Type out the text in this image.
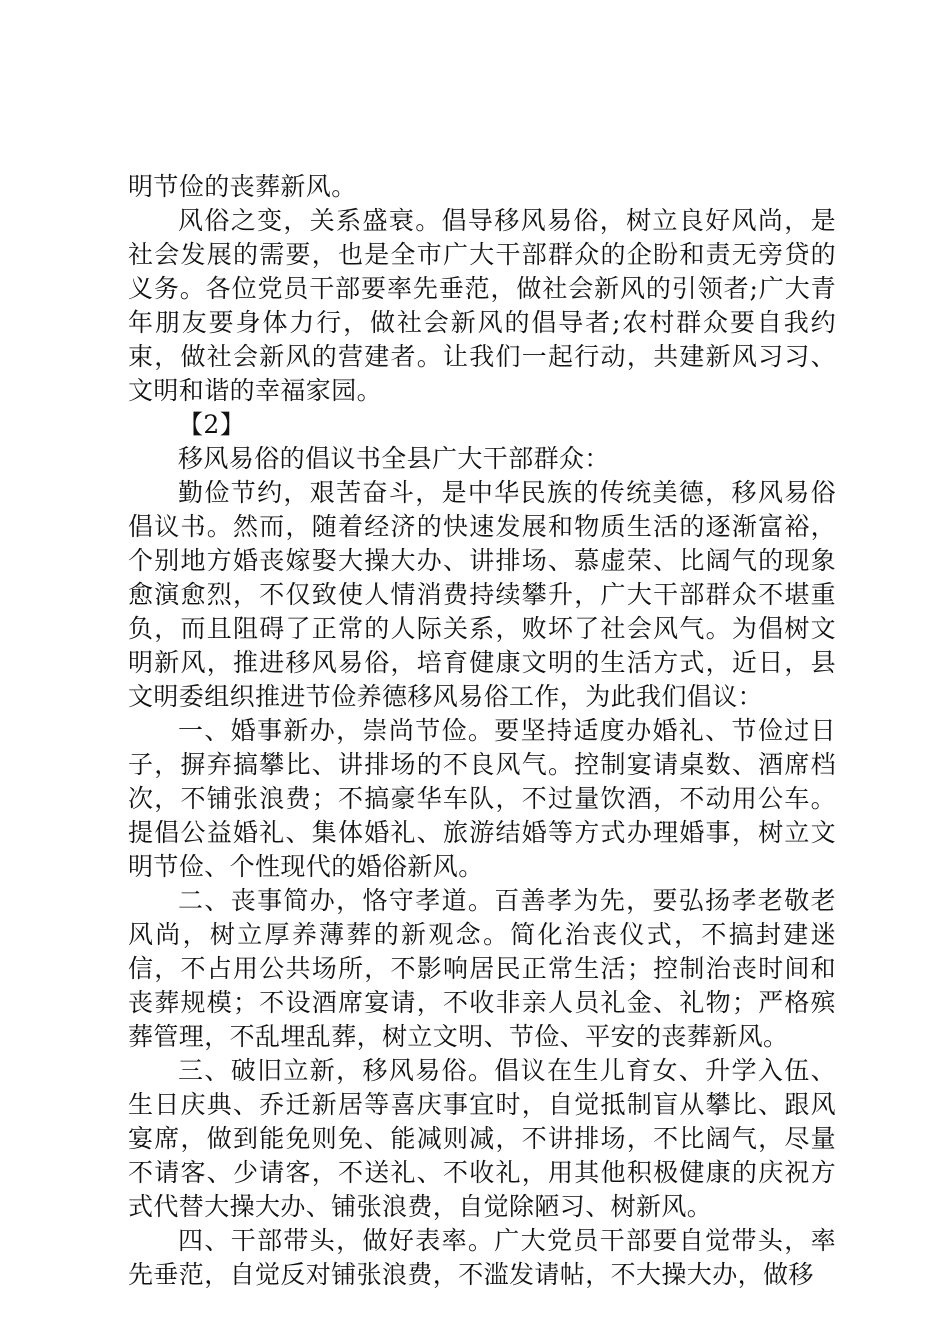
明节俭的丧葬新风。

风俗之变，关系盛衰。倡导移风易俗，树立良好风尚，是社会发展的需要，也是全市广大干部群众的企盼和责无旁贷的义务。各位党员干部要率先垂范，做社会新风的引领者;广大青年朋友要身体力行，做社会新风的倡导者;农村群众要自我约束，做社会新风的营建者。让我们一起行动，共建新风习习、文明和谐的幸福家园。

【2】

移风易俗的倡议书全县广大干部群众：

勤俭节约，艰苦奋斗，是中华民族的传统美德，移风易俗倡议书。然而，随着经济的快速发展和物质生活的逐渐富裕，个别地方婚丧嫁娶大操大办、讲排场、慕虚荣、比阔气的现象愈演愈烈，不仅致使人情消费持续攀升，广大干部群众不堪重负，而且阻碍了正常的人际关系，败坏了社会风气。为倡树文明新风，推进移风易俗，培育健康文明的生活方式，近日，县文明委组织推进节俭养德移风易俗工作，为此我们倡议：

一、婚事新办，崇尚节俭。要坚持适度办婚礼、节俭过日子，摒弃搞攀比、讲排场的不良风气。控制宴请桌数、酒席档次，不铺张浪费；不搞豪华车队，不过量饮酒，不动用公车。提倡公益婚礼、集体婚礼、旅游结婚等方式办理婚事，树立文明节俭、个性现代的婚俗新风。

二、丧事简办，恪守孝道。百善孝为先，要弘扬孝老敬老风尚，树立厚养薄葬的新观念。简化治丧仪式，不搞封建迷信，不占用公共场所，不影响居民正常生活；控制治丧时间和丧葬规模；不设酒席宴请，不收非亲人员礼金、礼物；严格殡葬管理，不乱埋乱葬，树立文明、节俭、平安的丧葬新风。

三、破旧立新，移风易俗。倡议在生儿育女、升学入伍、生日庆典、乔迁新居等喜庆事宜时，自觉抵制盲从攀比、跟风宴席，做到能免则免、能减则减，不讲排场，不比阔气，尽量不请客、少请客，不送礼、不收礼，用其他积极健康的庆祝方式代替大操大办、铺张浪费，自觉除陋习、树新风。

四、干部带头，做好表率。广大党员干部要自觉带头，率先垂范，自觉反对铺张浪费，不滥发请帖，不大操大办，做移
